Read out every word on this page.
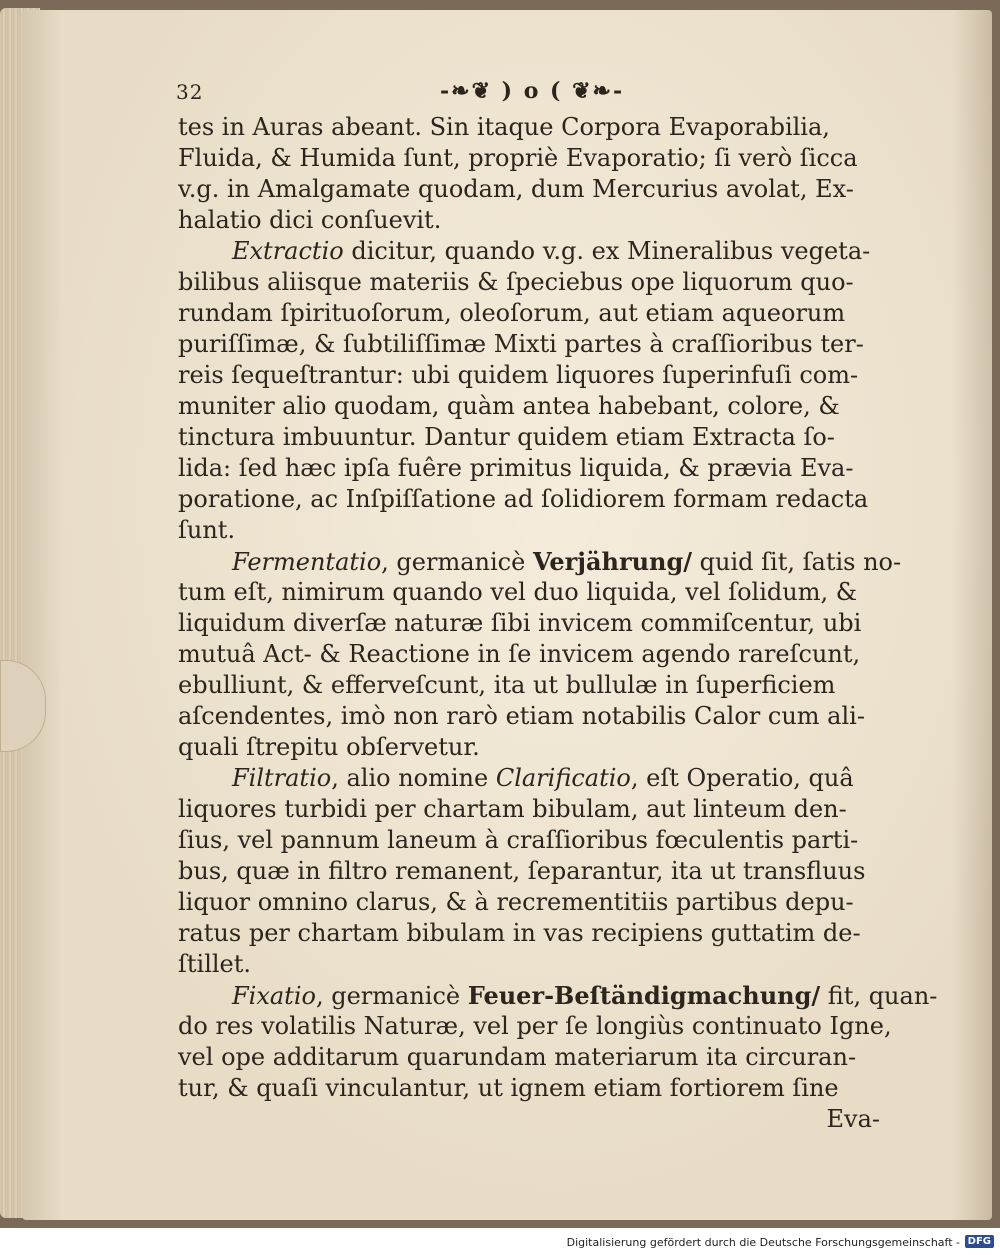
32	-❧❦ ) o ( ❦❧-
tes in Auras abeant. Sin itaque Corpora Evaporabilia,
Fluida, & Humida ſunt, propriè Evaporatio; ſi verò ſicca
v.g. in Amalgamate quodam, dum Mercurius avolat, Ex-
halatio dici conſuevit.
Extractio dicitur, quando v.g. ex Mineralibus vegeta-
bilibus aliisque materiis & ſpeciebus ope liquorum quo-
rundam ſpirituoſorum, oleoſorum, aut etiam aqueorum
puriſſimæ, & ſubtiliſſimæ Mixti partes à craſſioribus ter-
reis ſequeſtrantur: ubi quidem liquores ſuperinfuſi com-
muniter alio quodam, quàm antea habebant, colore, &
tinctura imbuuntur. Dantur quidem etiam Extracta ſo-
lida: ſed hæc ipſa fuêre primitus liquida, & prævia Eva-
poratione, ac Inſpiſſatione ad ſolidiorem formam redacta
ſunt.
Fermentatio, germanicè Verjährung/ quid ſit, ſatis no-
tum eſt, nimirum quando vel duo liquida, vel ſolidum, &
liquidum diverſæ naturæ ſibi invicem commiſcentur, ubi
mutuâ Act- & Reactione in ſe invicem agendo rareſcunt,
ebulliunt, & efferveſcunt, ita ut bullulæ in ſuperficiem
aſcendentes, imò non rarò etiam notabilis Calor cum ali-
quali ſtrepitu obſervetur.
Filtratio, alio nomine Clarificatio, eſt Operatio, quâ
liquores turbidi per chartam bibulam, aut linteum den-
ſius, vel pannum laneum à craſſioribus fœculentis parti-
bus, quæ in filtro remanent, ſeparantur, ita ut transfluus
liquor omnino clarus, & à recrementitiis partibus depu-
ratus per chartam bibulam in vas recipiens guttatim de-
ſtillet.
Fixatio, germanicè Feuer-Beſtändigmachung/ fit, quan-
do res volatilis Naturæ, vel per ſe longiùs continuato Igne,
vel ope additarum quarundam materiarum ita circuran-
tur, & quaſi vinculantur, ut ignem etiam fortiorem ſine
Eva-
Digitalisierung gefördert durch die Deutsche Forschungsgemeinschaft - DFG
